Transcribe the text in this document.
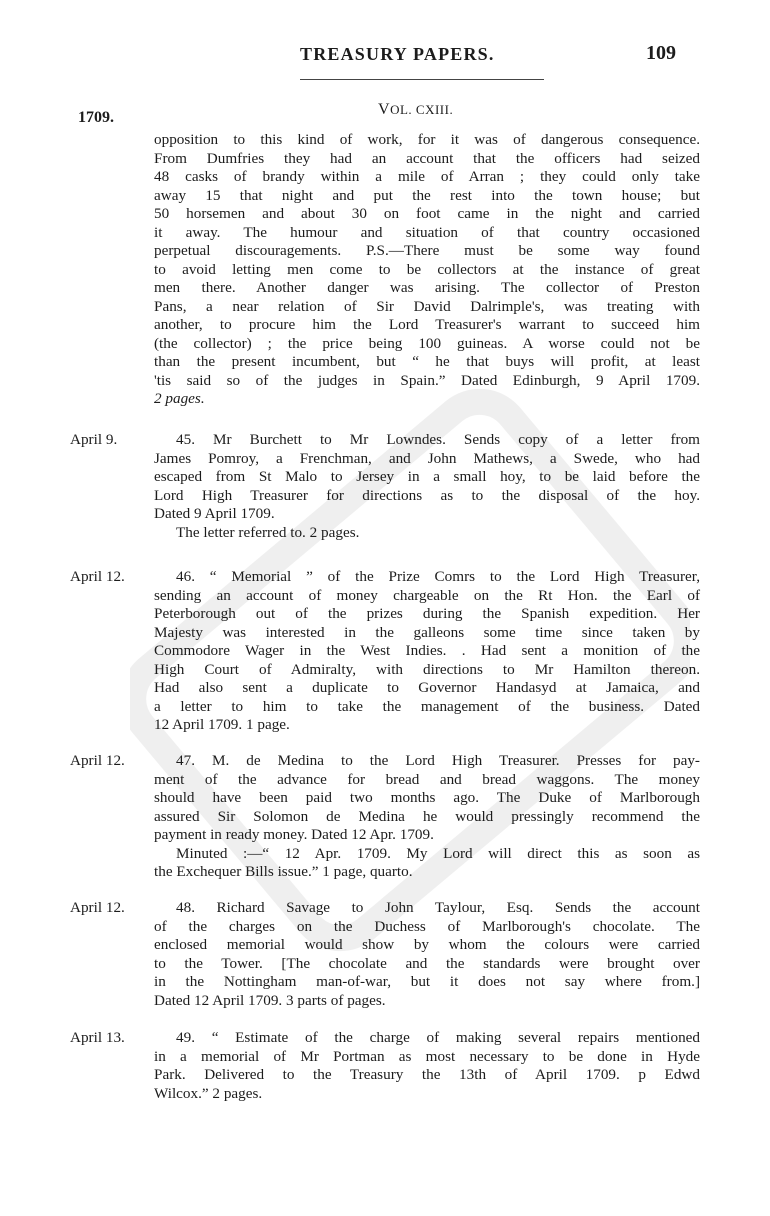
TREASURY PAPERS.	109
1709.	VOL. CXIII.
opposition to this kind of work, for it was of dangerous consequence.
From Dumfries they had an account that the officers had seized
48 casks of brandy within a mile of Arran ; they could only take
away 15 that night and put the rest into the town house; but
50 horsemen and about 30 on foot came in the night and carried
it away. The humour and situation of that country occasioned
perpetual discouragements. P.S.—There must be some way found
to avoid letting men come to be collectors at the instance of great
men there. Another danger was arising. The collector of Preston
Pans, a near relation of Sir David Dalrimple's, was treating with
another, to procure him the Lord Treasurer's warrant to succeed him
(the collector) ; the price being 100 guineas. A worse could not be
than the present incumbent, but “ he that buys will profit, at least
'tis said so of the judges in Spain.” Dated Edinburgh, 9 April 1709.
2 pages.
April 9.	45. Mr Burchett to Mr Lowndes. Sends copy of a letter from
James Pomroy, a Frenchman, and John Mathews, a Swede, who had
escaped from St Malo to Jersey in a small hoy, to be laid before the
Lord High Treasurer for directions as to the disposal of the hoy.
Dated 9 April 1709.
The letter referred to. 2 pages.
April 12.	46. “ Memorial ” of the Prize Comrs to the Lord High Treasurer,
sending an account of money chargeable on the Rt Hon. the Earl of
Peterborough out of the prizes during the Spanish expedition. Her
Majesty was interested in the galleons some time since taken by
Commodore Wager in the West Indies. . Had sent a monition of the
High Court of Admiralty, with directions to Mr Hamilton thereon.
Had also sent a duplicate to Governor Handasyd at Jamaica, and
a letter to him to take the management of the business. Dated
12 April 1709. 1 page.
April 12.	47. M. de Medina to the Lord High Treasurer. Presses for pay-
ment of the advance for bread and bread waggons. The money
should have been paid two months ago. The Duke of Marlborough
assured Sir Solomon de Medina he would pressingly recommend the
payment in ready money. Dated 12 Apr. 1709.
Minuted :—“ 12 Apr. 1709. My Lord will direct this as soon as
the Exchequer Bills issue.” 1 page, quarto.
April 12.	48. Richard Savage to John Taylour, Esq. Sends the account
of the charges on the Duchess of Marlborough's chocolate. The
enclosed memorial would show by whom the colours were carried
to the Tower. [The chocolate and the standards were brought over
in the Nottingham man-of-war, but it does not say where from.]
Dated 12 April 1709. 3 parts of pages.
April 13.	49. “ Estimate of the charge of making several repairs mentioned
in a memorial of Mr Portman as most necessary to be done in Hyde
Park. Delivered to the Treasury the 13th of April 1709. p Edwd
Wilcox.” 2 pages.
